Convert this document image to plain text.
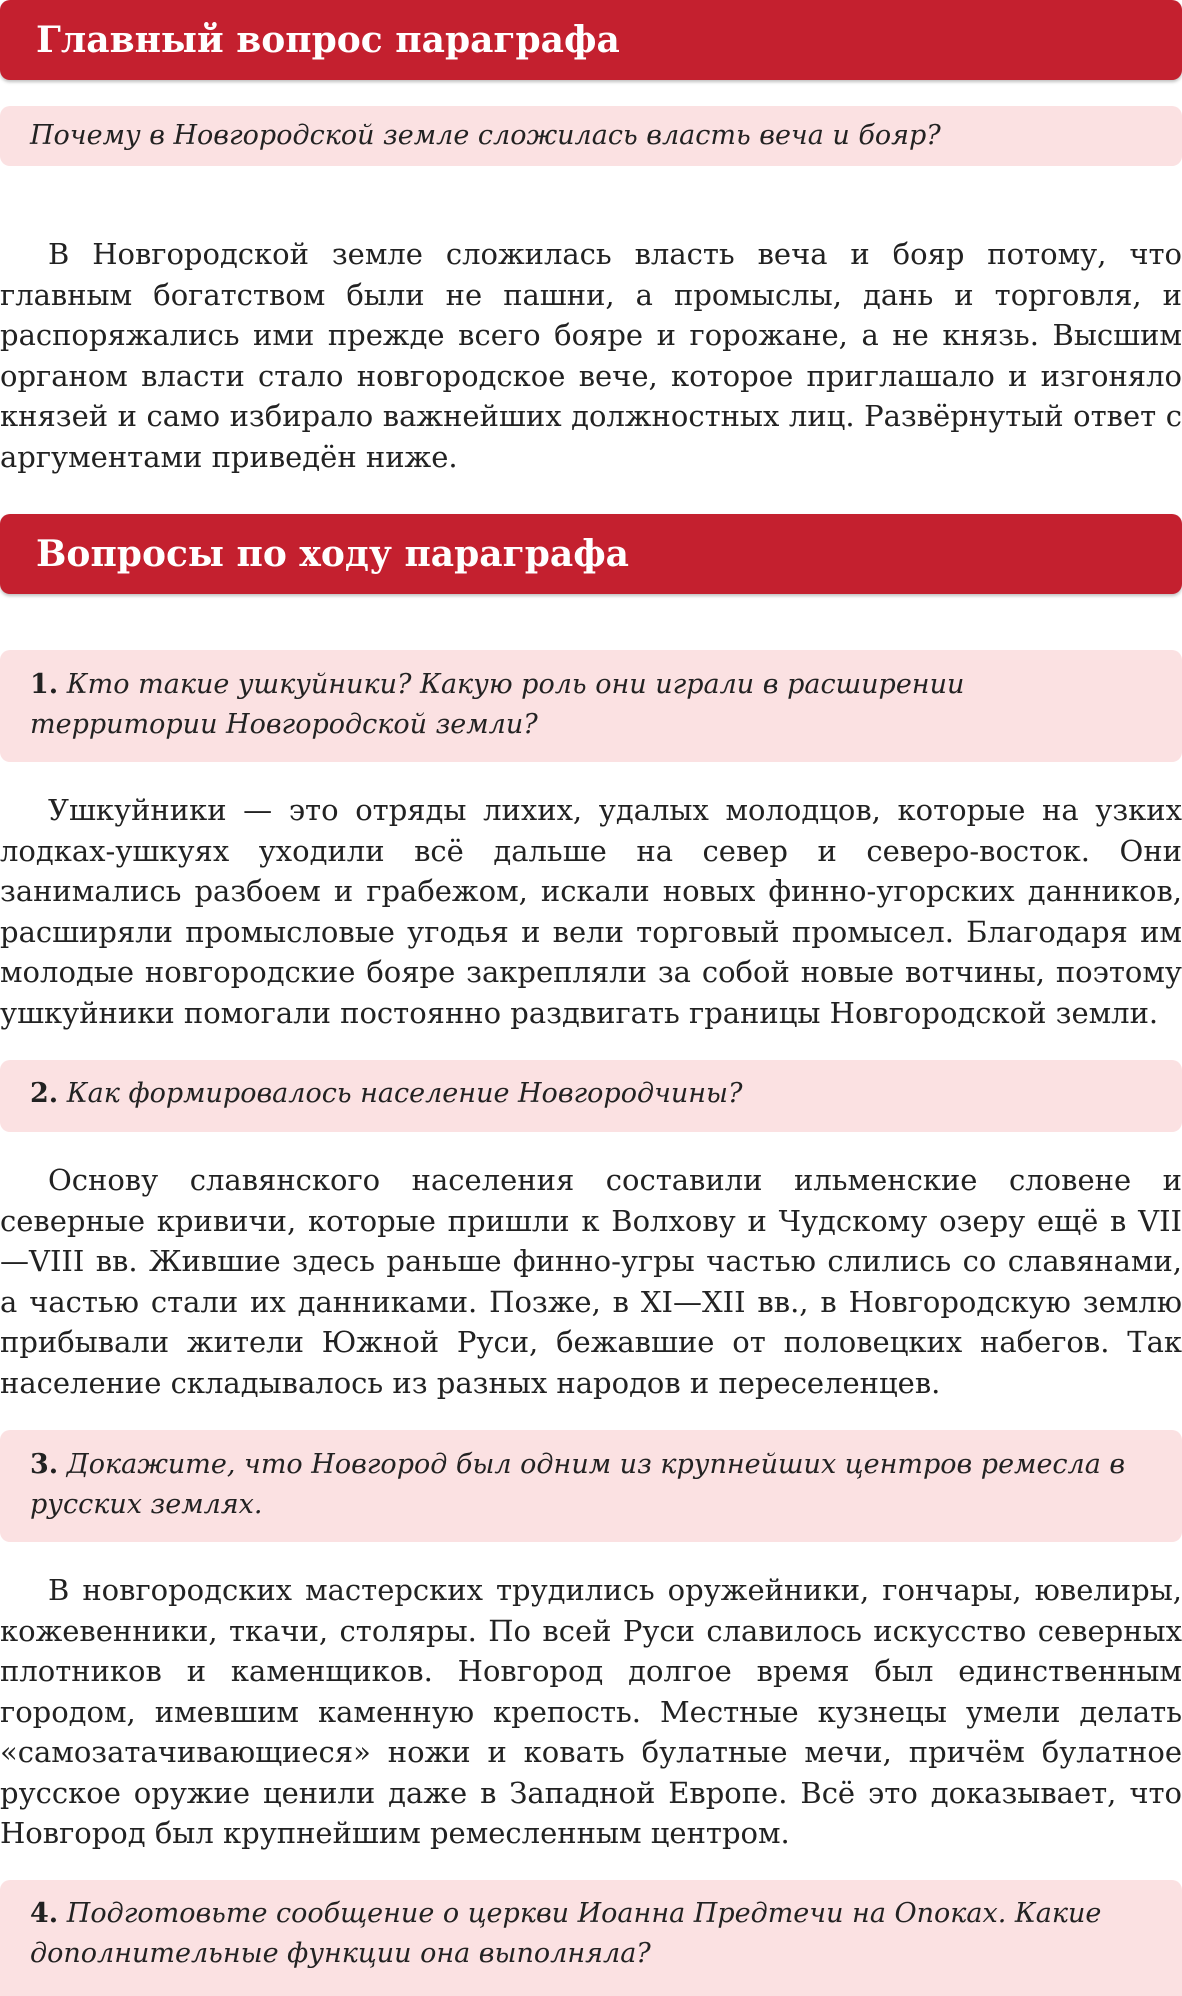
Главный вопрос параграфа
Почему в Новгородской земле сложилась власть веча и бояр?

В Новгородской земле сложилась власть веча и бояр потому, что главным богатством были не пашни, а промыслы, дань и торговля, и распоряжались ими прежде всего бояре и горожане, а не князь. Высшим органом власти стало новгородское вече, которое приглашало и изгоняло князей и само избирало важнейших должностных лиц. Развёрнутый ответ с аргументами приведён ниже.

Вопросы по ходу параграфа
1. Кто такие ушкуйники? Какую роль они играли в расширении территории Новгородской земли?

Ушкуйники — это отряды лихих, удалых молодцов, которые на узких лодках-ушкуях уходили всё дальше на север и северо-восток. Они занимались разбоем и грабежом, искали новых финно-угорских данников, расширяли промысловые угодья и вели торговый промысел. Благодаря им молодые новгородские бояре закрепляли за собой новые вотчины, поэтому ушкуйники помогали постоянно раздвигать границы Новгородской земли.

2. Как формировалось население Новгородчины?

Основу славянского населения составили ильменские словене и северные кривичи, которые пришли к Волхову и Чудскому озеру ещё в VII—VIII вв. Жившие здесь раньше финно-угры частью слились со славянами, а частью стали их данниками. Позже, в XI—XII вв., в Новгородскую землю прибывали жители Южной Руси, бежавшие от половецких набегов. Так население складывалось из разных народов и переселенцев.

3. Докажите, что Новгород был одним из крупнейших центров ремесла в русских землях.

В новгородских мастерских трудились оружейники, гончары, ювелиры, кожевенники, ткачи, столяры. По всей Руси славилось искусство северных плотников и каменщиков. Новгород долгое время был единственным городом, имевшим каменную крепость. Местные кузнецы умели делать «самозатачивающиеся» ножи и ковать булатные мечи, причём булатное русское оружие ценили даже в Западной Европе. Всё это доказывает, что Новгород был крупнейшим ремесленным центром.

4. Подготовьте сообщение о церкви Иоанна Предтечи на Опоках. Какие дополнительные функции она выполняла?
